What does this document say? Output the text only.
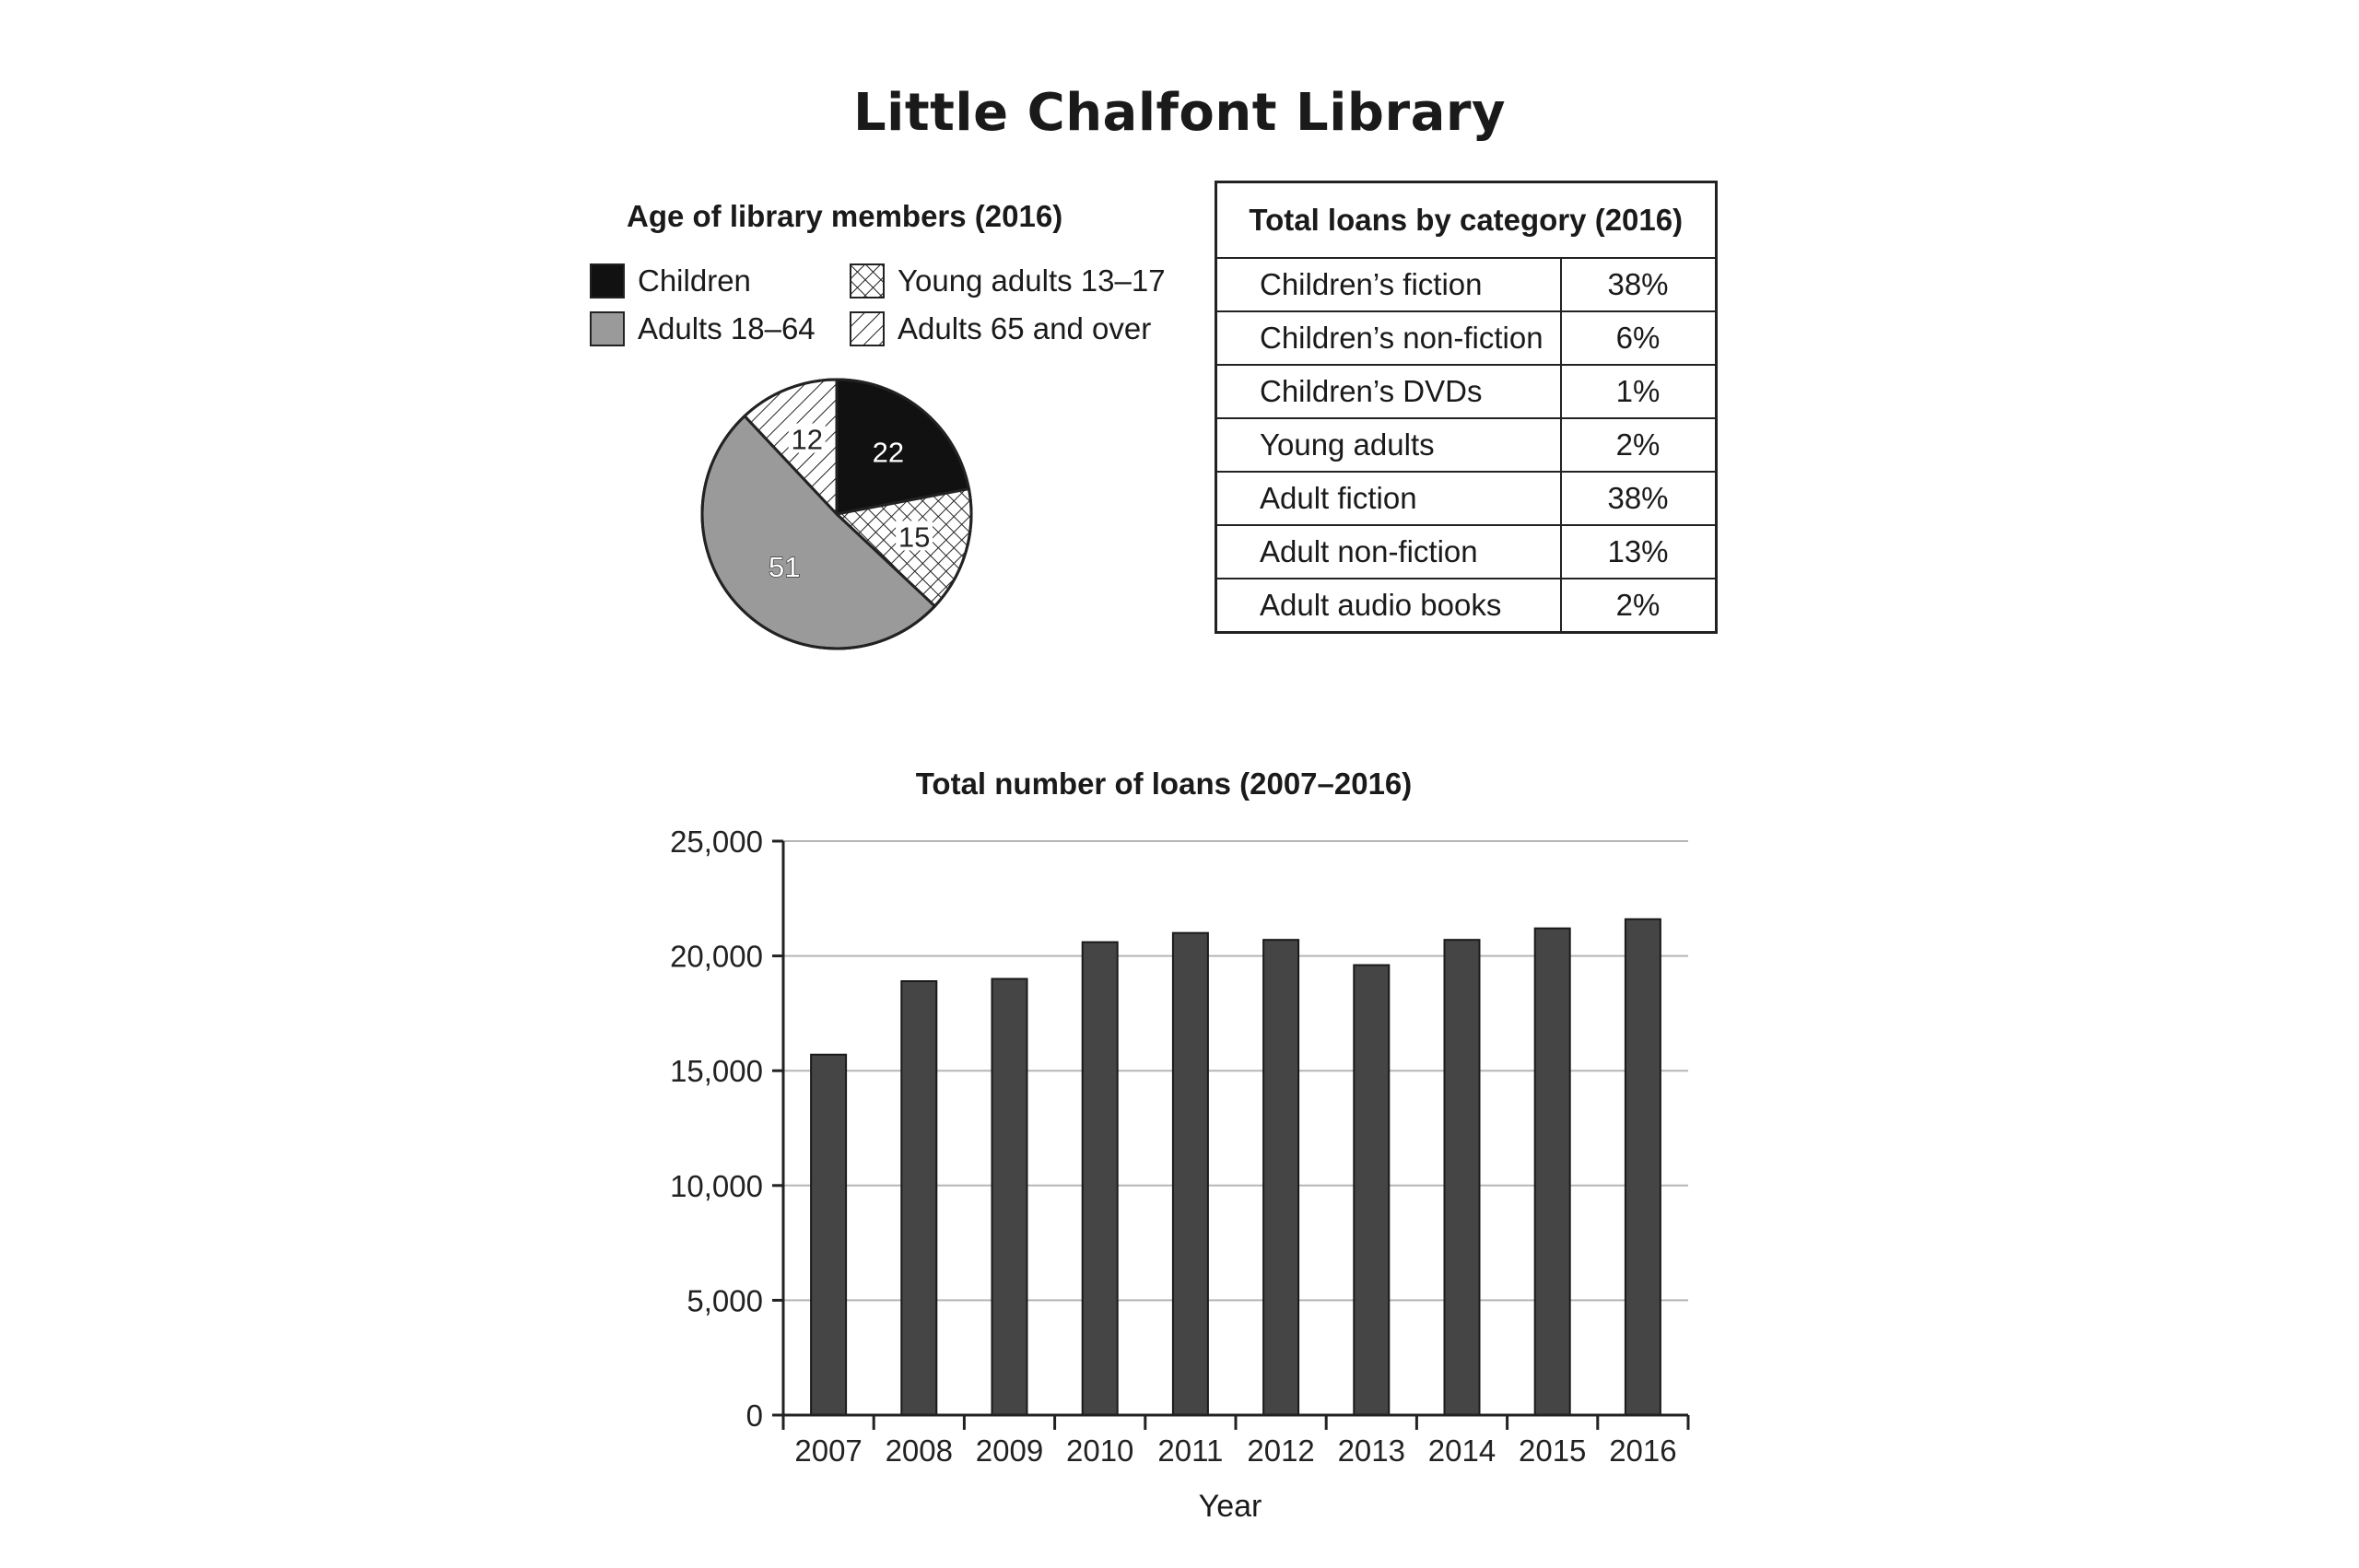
Little Chalfont Library
Age of library members (2016)
Children
Adults 18–64
Young adults 13–17
Adults 65 and over
22
15
51
12
Total loans by category (2016)	
Children’s fiction	38%
Children’s non-fiction	6%
Children’s DVDs	1%
Young adults	2%
Adult fiction	38%
Adult non-fiction	13%
Adult audio books	2%
Total number of loans (2007–2016)
0
5,000
10,000
15,000
20,000
25,000
2007 2008 2009 2010 2011 2012 2013 2014 2015 2016
Year
